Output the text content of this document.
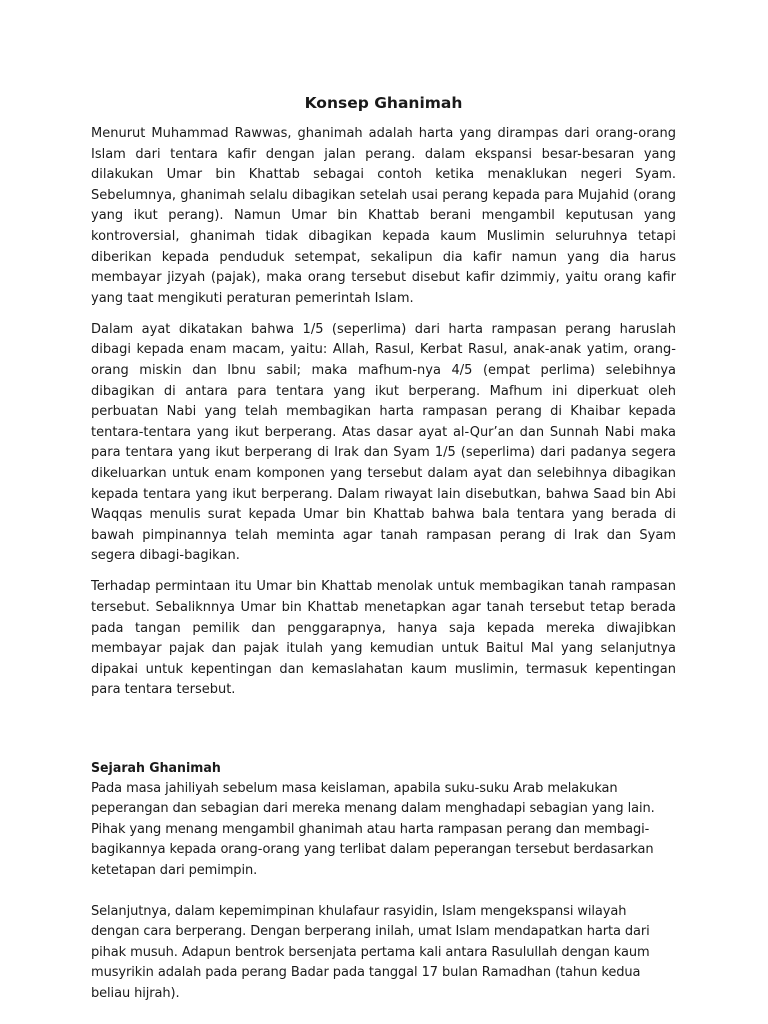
Konsep Ghanimah
Menurut Muhammad Rawwas, ghanimah adalah harta yang dirampas dari orang-orang Islam dari tentara kafir dengan jalan perang. dalam ekspansi besar-besaran yang dilakukan Umar bin Khattab sebagai contoh ketika menaklukan negeri Syam. Sebelumnya, ghanimah selalu dibagikan setelah usai perang kepada para Mujahid (orang yang ikut perang). Namun Umar bin Khattab berani mengambil keputusan yang kontroversial, ghanimah tidak dibagikan kepada kaum Muslimin seluruhnya tetapi diberikan kepada penduduk setempat, sekalipun dia kafir namun yang dia harus membayar jizyah (pajak), maka orang tersebut disebut kafir dzimmiy, yaitu orang kafir yang taat mengikuti peraturan pemerintah Islam.
Dalam ayat dikatakan bahwa 1/5 (seperlima) dari harta rampasan perang haruslah dibagi kepada enam macam, yaitu: Allah, Rasul, Kerbat Rasul, anak-anak yatim, orang-orang miskin dan Ibnu sabil; maka mafhum-nya 4/5 (empat perlima) selebihnya dibagikan di antara para tentara yang ikut berperang. Mafhum ini diperkuat oleh perbuatan Nabi yang telah membagikan harta rampasan perang di Khaibar kepada tentara-tentara yang ikut berperang. Atas dasar ayat al-Qur’an dan Sunnah Nabi maka para tentara yang ikut berperang di Irak dan Syam 1/5 (seperlima) dari padanya segera dikeluarkan untuk enam komponen yang tersebut dalam ayat dan selebihnya dibagikan kepada tentara yang ikut berperang. Dalam riwayat lain disebutkan, bahwa Saad bin Abi Waqqas menulis surat kepada Umar bin Khattab bahwa bala tentara yang berada di bawah pimpinannya telah meminta agar tanah rampasan perang di Irak dan Syam segera dibagi-bagikan.
Terhadap permintaan itu Umar bin Khattab menolak untuk membagikan tanah rampasan tersebut. Sebaliknnya Umar bin Khattab menetapkan agar tanah tersebut tetap berada pada tangan pemilik dan penggarapnya, hanya saja kepada mereka diwajibkan membayar pajak dan pajak itulah yang kemudian untuk Baitul Mal yang selanjutnya dipakai untuk kepentingan dan kemaslahatan kaum muslimin, termasuk kepentingan para tentara tersebut.
Sejarah Ghanimah
Pada masa jahiliyah sebelum masa keislaman, apabila suku-suku Arab melakukan peperangan dan sebagian dari mereka menang dalam menghadapi sebagian yang lain. Pihak yang menang mengambil ghanimah atau harta rampasan perang dan membagi-bagikannya kepada orang-orang yang terlibat dalam peperangan tersebut berdasarkan ketetapan dari pemimpin.
Selanjutnya, dalam kepemimpinan khulafaur rasyidin, Islam mengekspansi wilayah dengan cara berperang. Dengan berperang inilah, umat Islam mendapatkan harta dari pihak musuh. Adapun bentrok bersenjata pertama kali antara Rasulullah dengan kaum musyrikin adalah pada perang Badar pada tanggal 17 bulan Ramadhan (tahun kedua beliau hijrah).
